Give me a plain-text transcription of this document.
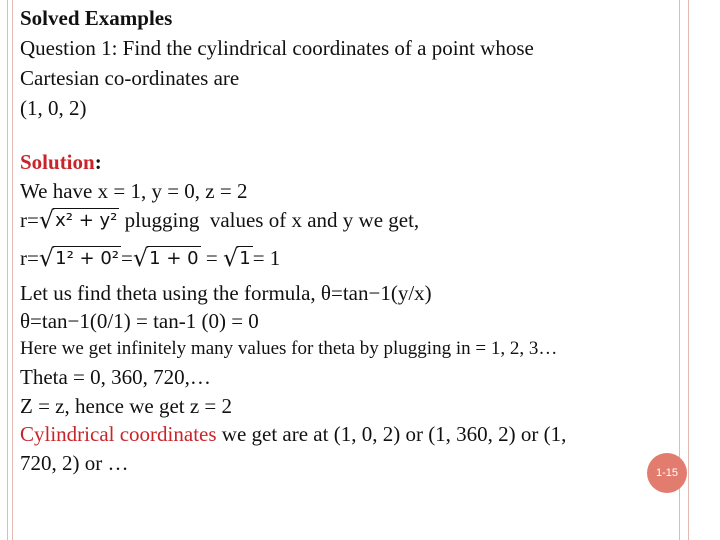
Solved Examples
Question 1: Find the cylindrical coordinates of a point whose
Cartesian co-ordinates are
(1, 0, 2)
Solution:
We have x = 1, y = 0, z = 2
r= √ x² + y² plugging  values of x and y we get,
r= √ 1² + 0² = √ 1 + 0 = √ 1 = 1
Let us find theta using the formula, θ=tan−1(y/x)
θ=tan−1(0/1) = tan-1 (0) = 0
Here we get infinitely many values for theta by plugging in = 1, 2, 3…
Theta = 0, 360, 720,…
Z = z, hence we get z = 2
Cylindrical coordinates we get are at (1, 0, 2) or (1, 360, 2) or (1,
720, 2) or …	1-15
